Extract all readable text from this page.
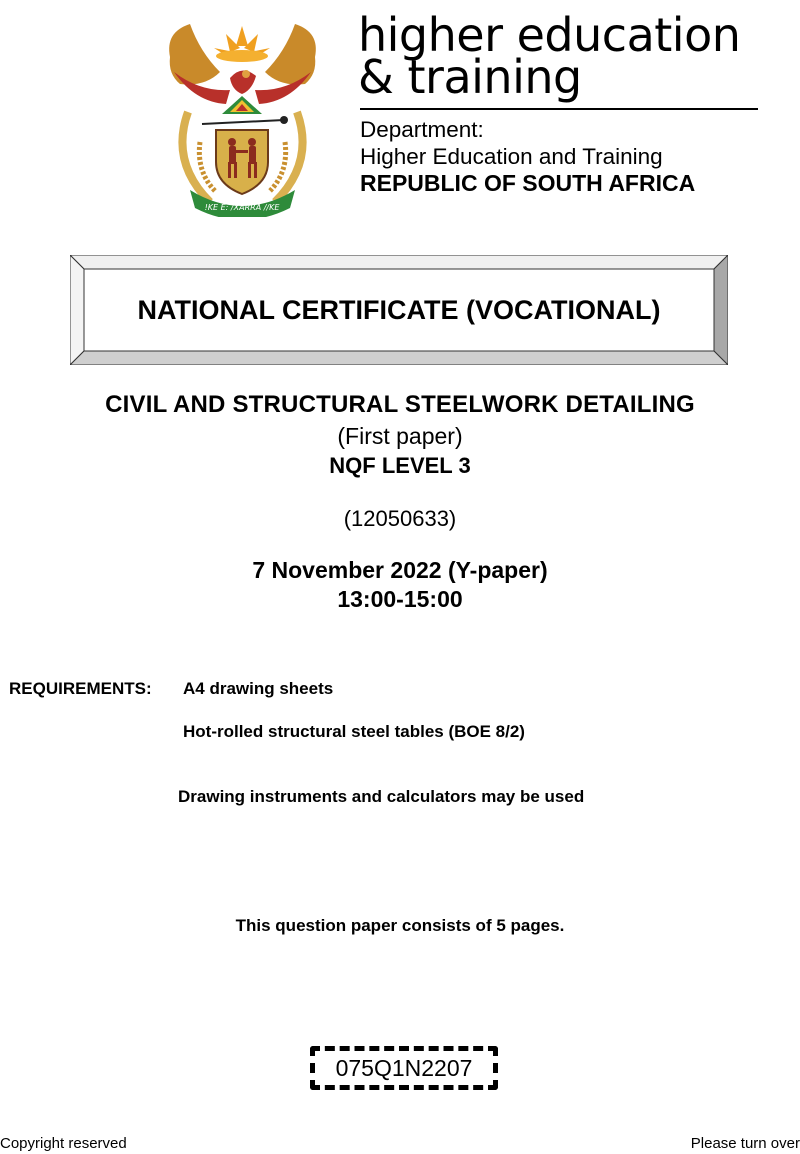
!KE E: /XARRA //KE
higher education
& training
Department:
Higher Education and Training
REPUBLIC OF SOUTH AFRICA
NATIONAL CERTIFICATE (VOCATIONAL)
CIVIL AND STRUCTURAL STEELWORK DETAILING
(First paper)
NQF LEVEL 3
(12050633)
7 November 2022 (Y-paper)
13:00-15:00
REQUIREMENTS: A4 drawing sheets
Hot-rolled structural steel tables (BOE 8/2)
Drawing instruments and calculators may be used
This question paper consists of 5 pages.
075Q1N2207
Copyright reserved	Please turn over
